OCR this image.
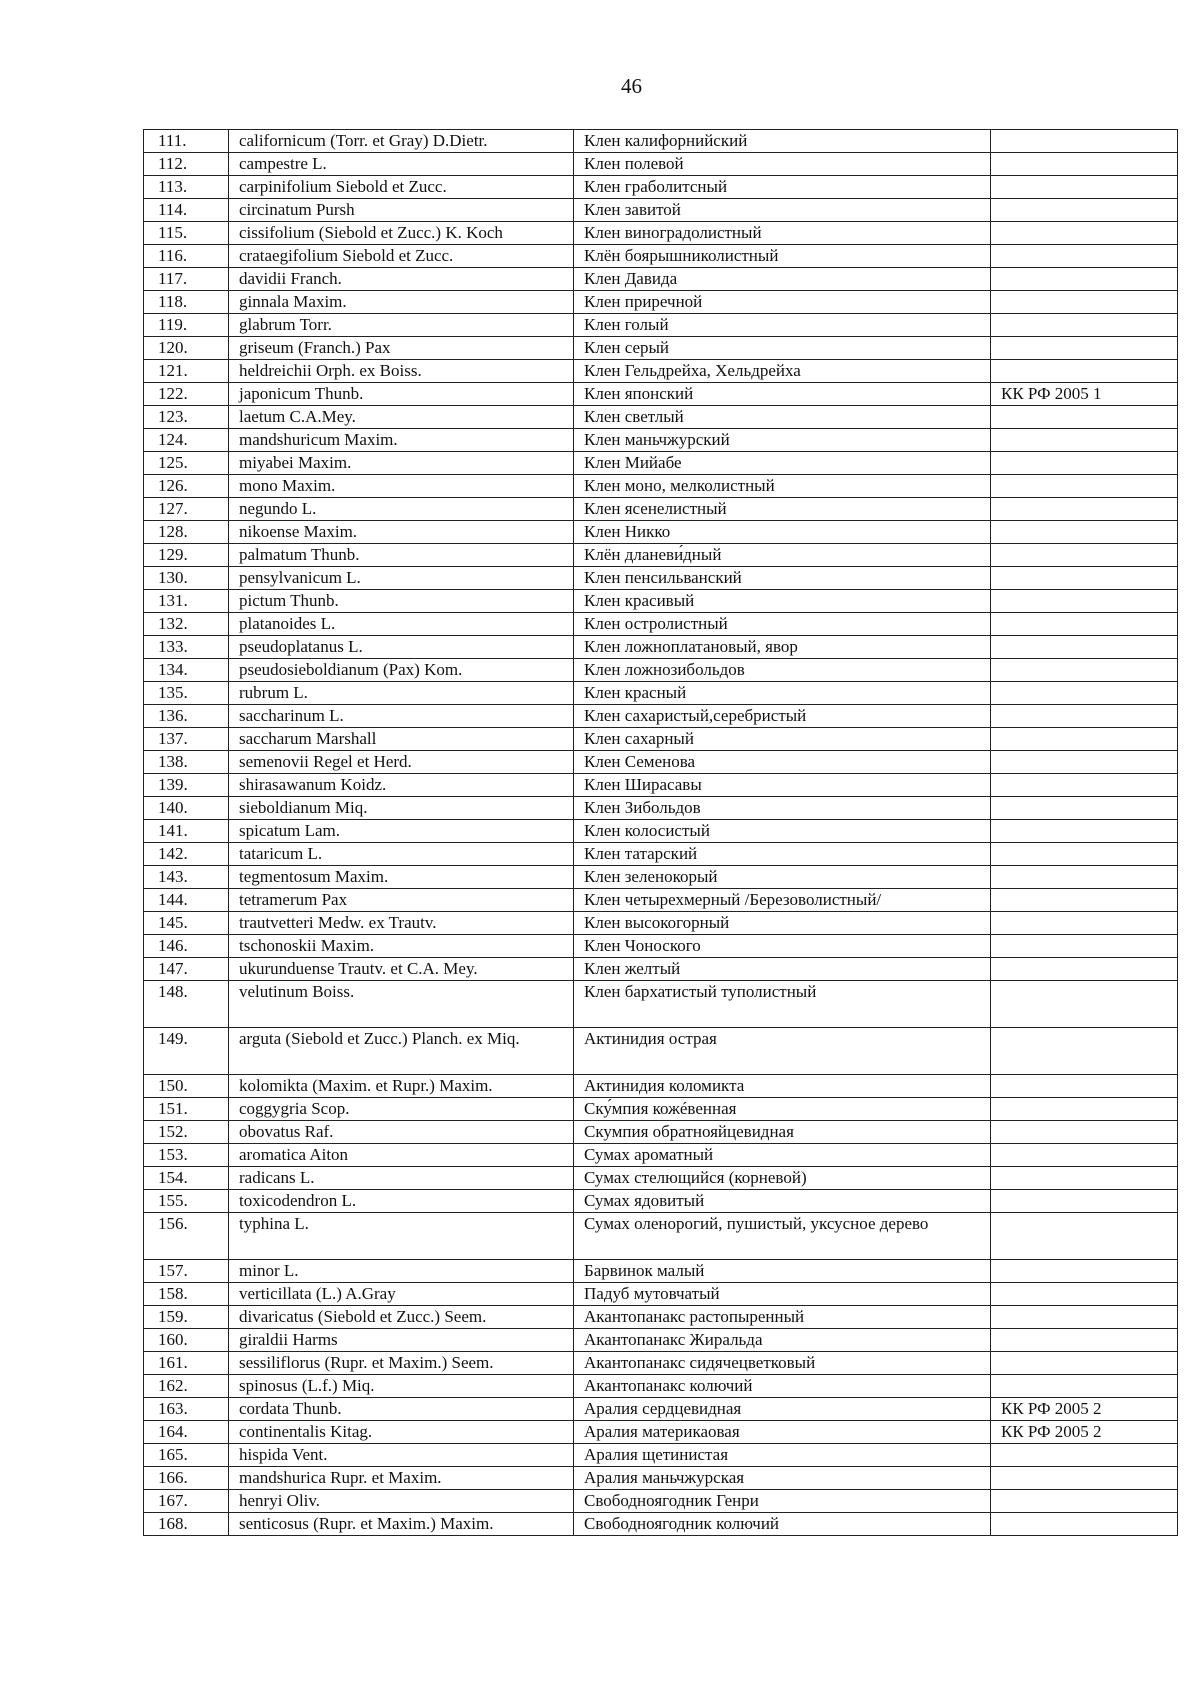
46
111.	californicum (Torr. et Gray) D.Dietr.	Клен калифорнийский	
112.	campestre L.	Клен полевой	
113.	carpinifolium Siebold et Zucc.	Клен граболитсный	
114.	circinatum Pursh	Клен завитой	
115.	cissifolium (Siebold et Zucc.) K. Koch	Клен виноградолистный	
116.	crataegifolium Siebold et Zucc.	Клён боярышниколистный	
117.	davidii Franch.	Клен Давида	
118.	ginnala Maxim.	Клен приречной	
119.	glabrum Torr.	Клен голый	
120.	griseum (Franch.) Pax	Клен серый	
121.	heldreichii Orph. ex Boiss.	Клен Гельдрейха, Хельдрейха	
122.	japonicum Thunb.	Клен японский	КК РФ 2005 1
123.	laetum C.A.Mey.	Клен светлый	
124.	mandshuricum Maxim.	Клен маньчжурский	
125.	miyabei Maxim.	Клен Мийабе	
126.	mono Maxim.	Клен моно, мелколистный	
127.	negundo L.	Клен ясенелистный	
128.	nikoense Maxim.	Клен Никко	
129.	palmatum Thunb.	Клён дланеви́дный	
130.	pensylvanicum L.	Клен пенсильванский	
131.	pictum Thunb.	Клен красивый	
132.	platanoides L.	Клен остролистный	
133.	pseudoplatanus L.	Клен ложноплатановый, явор	
134.	pseudosieboldianum (Pax) Kom.	Клен ложнозибольдов	
135.	rubrum L.	Клен красный	
136.	saccharinum L.	Клен сахаристый,серебристый	
137.	saccharum Marshall	Клен сахарный	
138.	semenovii Regel et Herd.	Клен Семенова	
139.	shirasawanum Koidz.	Клен Ширасавы	
140.	sieboldianum Miq.	Клен Зибольдов	
141.	spicatum Lam.	Клен колосистый	
142.	tataricum L.	Клен татарский	
143.	tegmentosum Maxim.	Клен зеленокорый	
144.	tetramerum Pax	Клен четырехмерный /Березоволистный/	
145.	trautvetteri Medw. ex Trautv.	Клен высокогорный	
146.	tschonoskii Maxim.	Клен Чоноского	
147.	ukurunduense Trautv. et C.A. Mey.	Клен желтый	
148.	velutinum Boiss.	Клен бархатистый туполистный	
149.	arguta (Siebold et Zucc.) Planch. ex Miq.	Актинидия острая	
150.	kolomikta (Maxim. et Rupr.) Maxim.	Актинидия коломикта	
151.	coggygria Scop.	Ску́мпия кожéвенная	
152.	obovatus Raf.	Скумпия обратнояйцевидная	
153.	aromatica Aiton	Сумах ароматный	
154.	radicans L.	Сумах стелющийся (корневой)	
155.	toxicodendron L.	Сумах ядовитый	
156.	typhina L.	Сумах оленорогий, пушистый, уксусное дерево	
157.	minor L.	Барвинок малый	
158.	verticillata (L.) A.Gray	Падуб мутовчатый	
159.	divaricatus (Siebold et Zucc.) Seem.	Акантопанакс растопыренный	
160.	giraldii Harms	Акантопанакс Жиральда	
161.	sessiliflorus (Rupr. et Maxim.) Seem.	Акантопанакс сидячецветковый	
162.	spinosus (L.f.) Miq.	Акантопанакс колючий	
163.	cordata Thunb.	Аралия сердцевидная	КК РФ 2005 2
164.	continentalis Kitag.	Аралия материкаовая	КК РФ 2005 2
165.	hispida Vent.	Аралия щетинистая	
166.	mandshurica Rupr. et Maxim.	Аралия маньчжурская	
167.	henryi Oliv.	Свободноягодник Генри	
168.	senticosus (Rupr. et Maxim.) Maxim.	Свободноягодник колючий	
